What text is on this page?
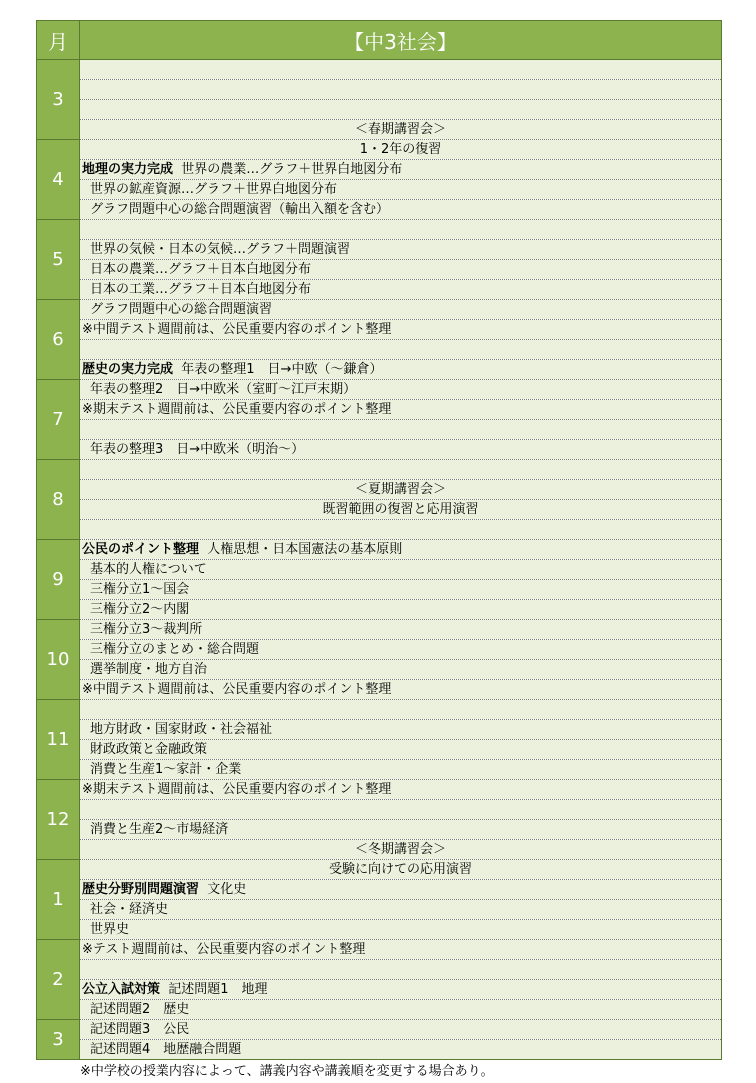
月	【中3社会】
3	

	＜春期講習会＞
4	1・2年の復習
	地理の実力完成 世界の農業…グラフ＋世界白地図分布
	世界の鉱産資源…グラフ＋世界白地図分布
	グラフ問題中心の総合問題演習（輸出入額を含む）
5	
	世界の気候・日本の気候…グラフ＋問題演習
	日本の農業…グラフ＋日本白地図分布
	日本の工業…グラフ＋日本白地図分布
6	グラフ問題中心の総合問題演習
	※中間テスト週間前は、公民重要内容のポイント整理

	歴史の実力完成 年表の整理1　日→中欧（～鎌倉）
7	年表の整理2　日→中欧米（室町～江戸末期）
	※期末テスト週間前は、公民重要内容のポイント整理

	年表の整理3　日→中欧米（明治～）
8	
	＜夏期講習会＞
	既習範囲の復習と応用演習

9	公民のポイント整理 人権思想・日本国憲法の基本原則
	基本的人権について
	三権分立1～国会
	三権分立2～内閣
10	三権分立3～裁判所
	三権分立のまとめ・総合問題
	選挙制度・地方自治
	※中間テスト週間前は、公民重要内容のポイント整理
11	
	地方財政・国家財政・社会福祉
	財政政策と金融政策
	消費と生産1～家計・企業
12	※期末テスト週間前は、公民重要内容のポイント整理

	消費と生産2～市場経済
	＜冬期講習会＞
1	受験に向けての応用演習
	歴史分野別問題演習 文化史
	社会・経済史
	世界史
2	※テスト週間前は、公民重要内容のポイント整理

	公立入試対策 記述問題1　地理
	記述問題2　歴史
3	記述問題3　公民
	記述問題4　地歴融合問題
※中学校の授業内容によって、講義内容や講義順を変更する場合あり。
